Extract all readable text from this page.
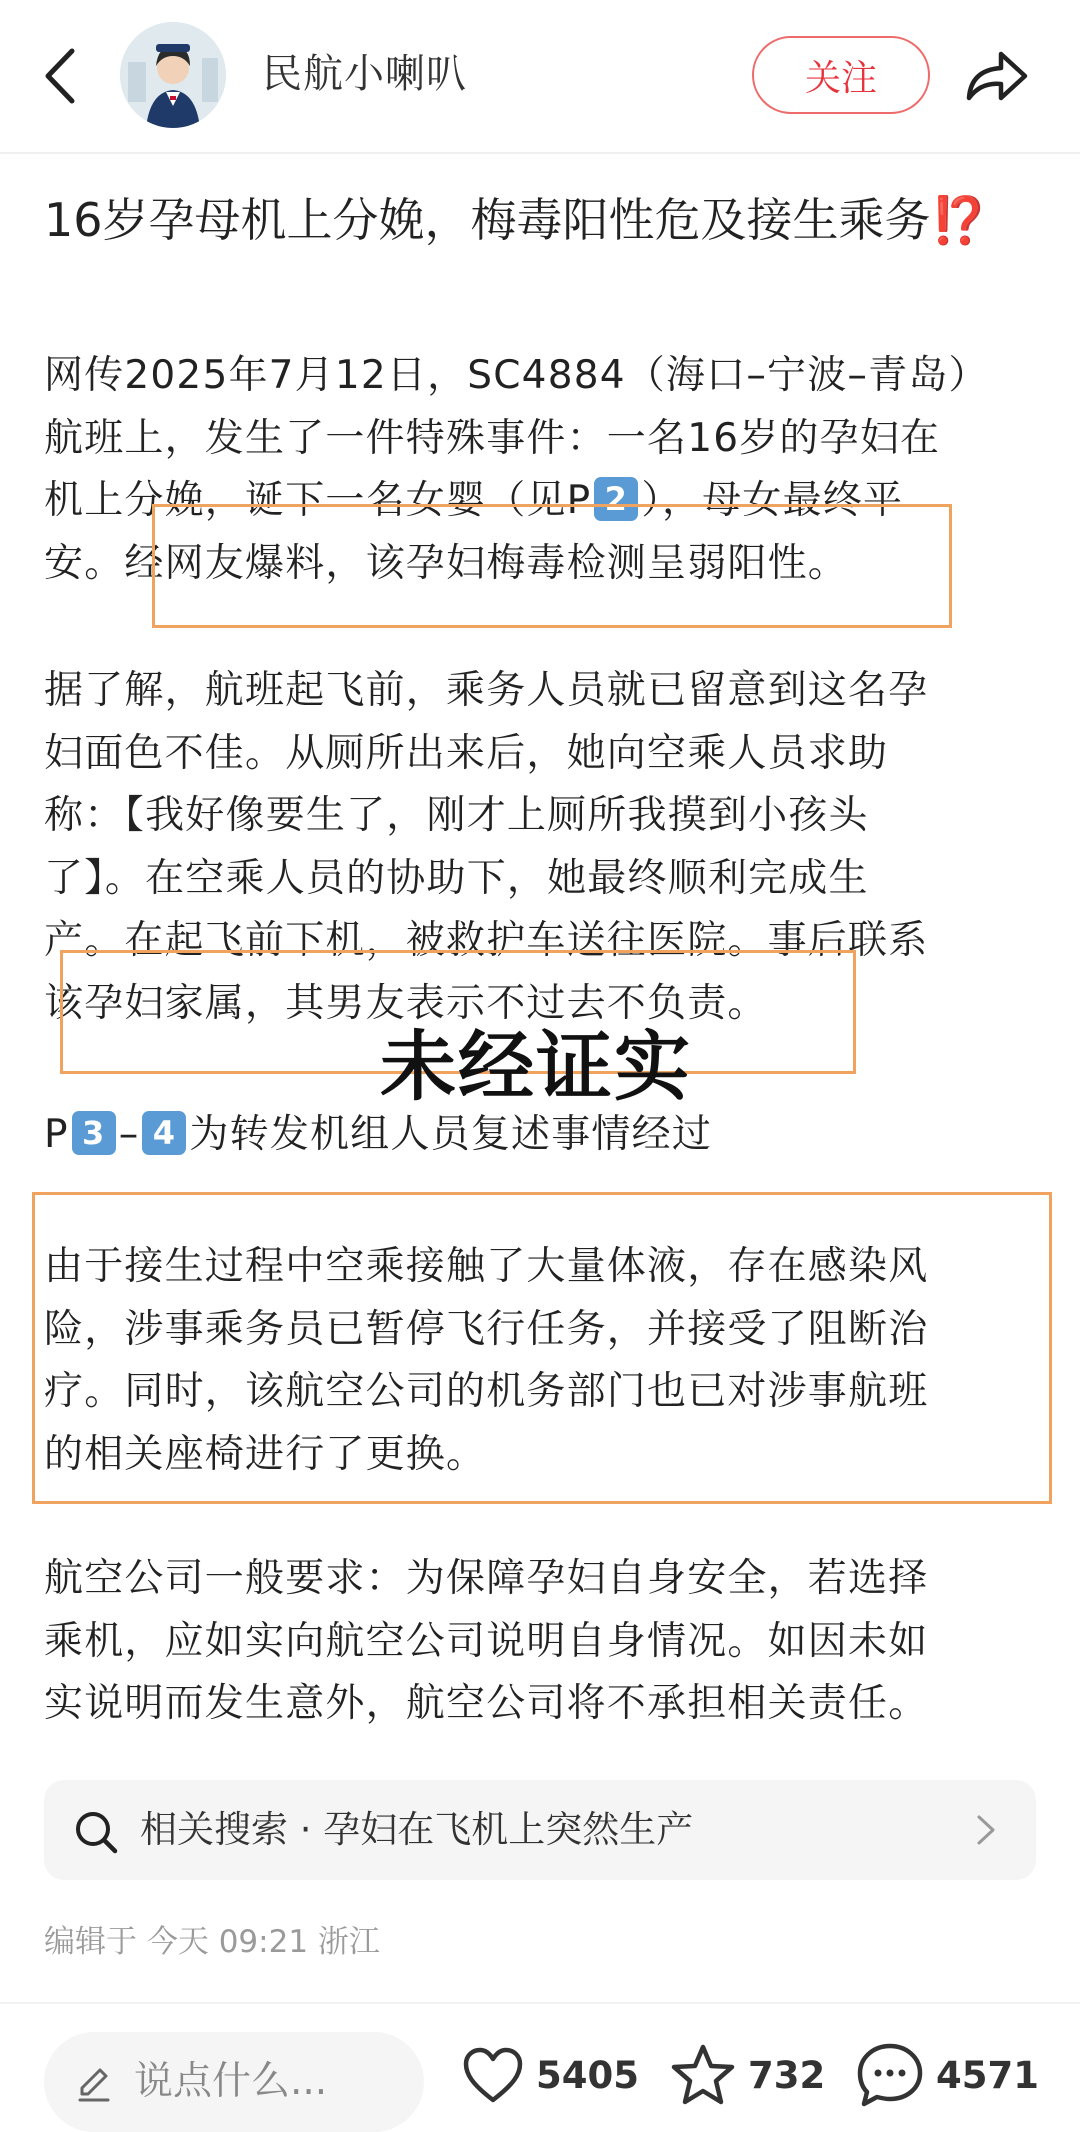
民航小喇叭	关注
16岁孕母机上分娩，梅毒阳性危及接生乘务⁉️
网传2025年7月12日，SC4884（海口–宁波–青岛）
航班上，发生了一件特殊事件：一名16岁的孕妇在
机上分娩，诞下一名女婴（见P 2 ），母女最终平
安。经网友爆料，该孕妇梅毒检测呈弱阳性。
据了解，航班起飞前，乘务人员就已留意到这名孕
妇面色不佳。从厕所出来后，她向空乘人员求助
称：【我好像要生了，刚才上厕所我摸到小孩头
了】。在空乘人员的协助下，她最终顺利完成生
产。在起飞前下机，被救护车送往医院。事后联系
该孕妇家属，其男友表示不过去不负责。
未经证实
P 3 – 4 为转发机组人员复述事情经过
由于接生过程中空乘接触了大量体液，存在感染风
险，涉事乘务员已暂停飞行任务，并接受了阻断治
疗。同时，该航空公司的机务部门也已对涉事航班
的相关座椅进行了更换。
航空公司一般要求：为保障孕妇自身安全，若选择
乘机，应如实向航空公司说明自身情况。如因未如
实说明而发生意外，航空公司将不承担相关责任。
相关搜索 · 孕妇在飞机上突然生产
编辑于 今天 09:21 浙江
说点什么...	5405	732	4571
